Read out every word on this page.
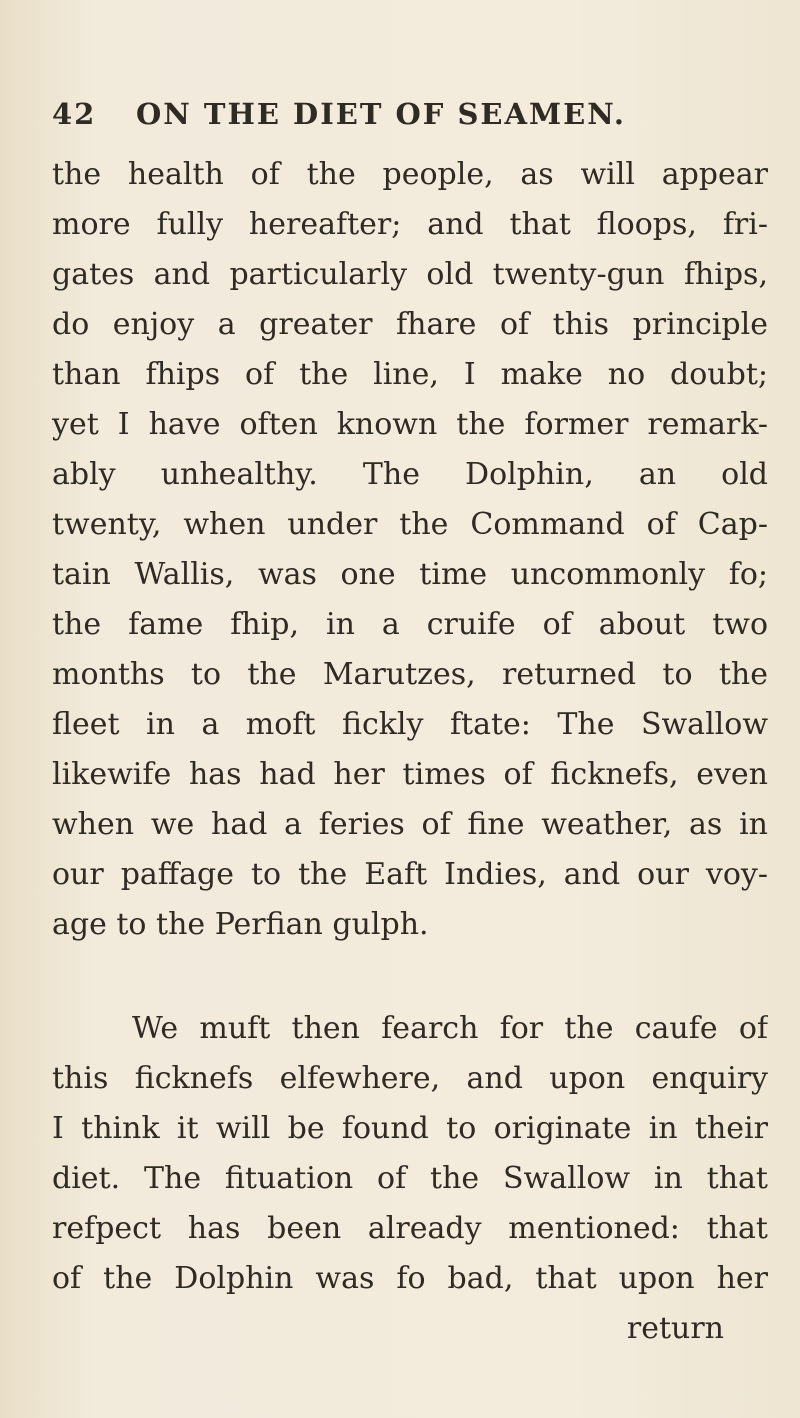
42	ON THE DIET OF SEAMEN.
the health of the people, as will appear
more fully hereafter; and that floops, fri-
gates and particularly old twenty-gun fhips,
do enjoy a greater fhare of this principle
than fhips of the line, I make no doubt;
yet I have often known the former remark-
ably unhealthy. The Dolphin, an old
twenty, when under the Command of Cap-
tain Wallis, was one time uncommonly fo;
the fame fhip, in a cruife of about two
months to the Marutzes, returned to the
fleet in a moft fickly ftate: The Swallow
likewife has had her times of ficknefs, even
when we had a feries of fine weather, as in
our paffage to the Eaft Indies, and our voy-
age to the Perfian gulph.
We muft then fearch for the caufe of
this ficknefs elfewhere, and upon enquiry
I think it will be found to originate in their
diet. The fituation of the Swallow in that
refpect has been already mentioned: that
of the Dolphin was fo bad, that upon her
return
